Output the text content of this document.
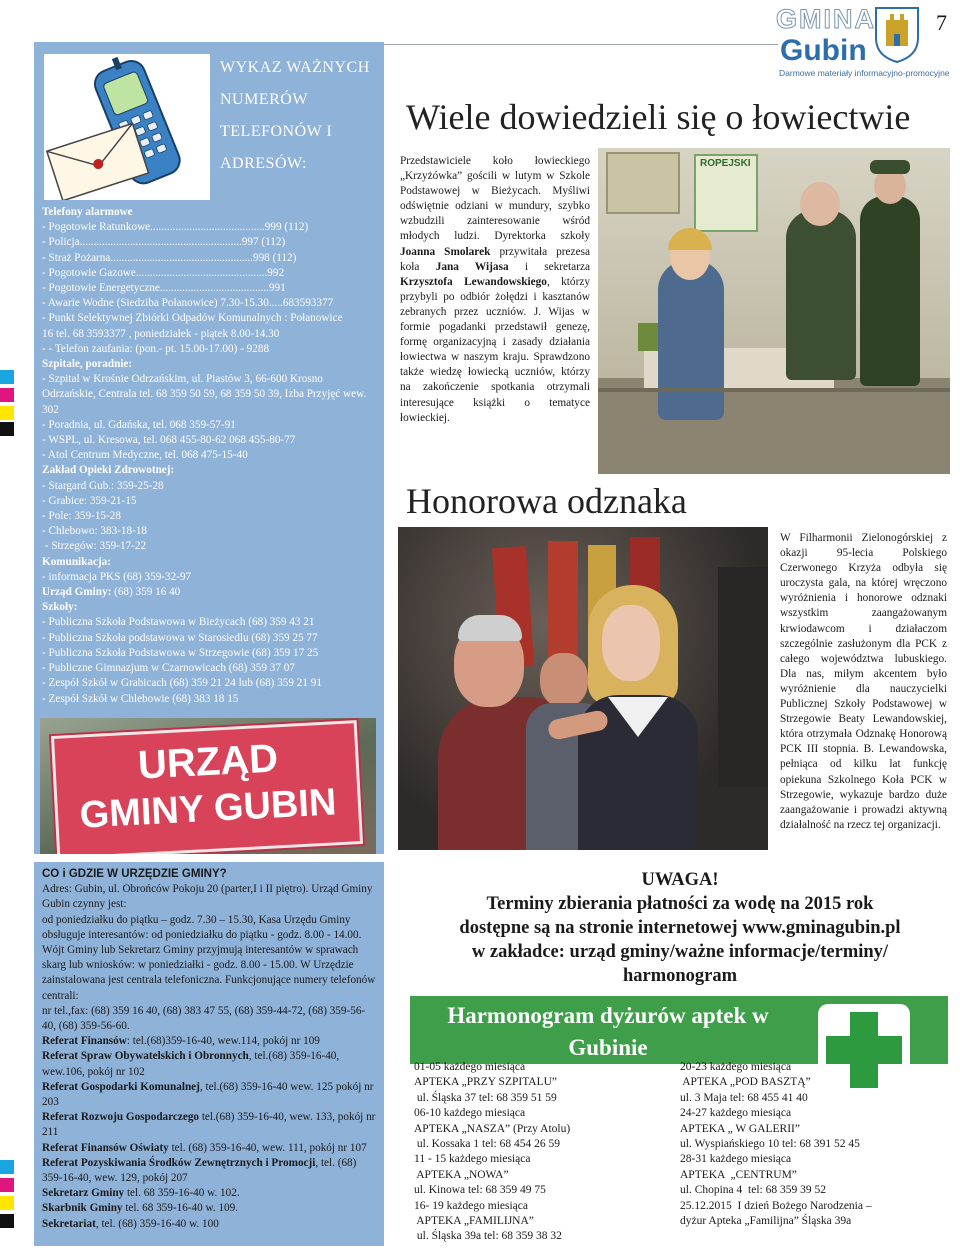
GMINA
Gubin
Darmowe materiały informacyjno-promocyjne
7
WYKAZ WAŻNYCH NUMERÓW TELEFONÓW I ADRESÓW:
Telefony alarmowe
- Pogotowie Ratunkowe.........................................999 (112)
- Policja..........................................................997 (112)
- Straż Pożarna...................................................998 (112)
- Pogotowie Gazowe...............................................992
- Pogotowie Energetyczne.......................................991
- Awarie Wodne (Siedziba Połanowice) 7.30-15.30.....683593377
- Punkt Selektywnej Zbiórki Odpadów Komunalnych : Połanowice
16 tel. 68 3593377 , poniedziałek - piątek 8.00-14.30
- - Telefon zaufania: (pon.- pt. 15.00-17.00) - 9288
Szpitale, poradnie:
- Szpital w Krośnie Odrzańskim, ul. Piastów 3, 66-600 Krosno Odrzańskie, Centrala tel. 68 359 50 59, 68 359 50 39, Izba Przyjęć wew. 302
- Poradnia, ul. Gdańska, tel. 068 359-57-91
- WSPL, ul. Kresowa, tel. 068 455-80-62 068 455-80-77
- Atol Centrum Medyczne, tel. 068 475-15-40
Zakład Opieki Zdrowotnej:
- Stargard Gub.: 359-25-28
- Grabice: 359-21-15
- Pole: 359-15-28
- Chlebowo: 383-18-18
- Strzegów: 359-17-22
Komunikacja:
- informacja PKS (68) 359-32-97
Urząd Gminy: (68) 359 16 40
Szkoły:
- Publiczna Szkoła Podstawowa w Bieżycach (68) 359 43 21
- Publiczna Szkoła podstawowa w Starosiedlu (68) 359 25 77
- Publiczna Szkoła Podstawowa w Strzegowie (68) 359 17 25
- Publiczne Gimnazjum w Czarnowicach (68) 359 37 07
- Zespół Szkół w Grabicach (68) 359 21 24 lub (68) 359 21 91
- Zespół Szkół w Chlebowie (68) 383 18 15
URZĄD
GMINY GUBIN
CO i GDZIE W URZĘDZIE GMINY?
Adres: Gubin, ul. Obrońców Pokoju 20 (parter,I i II piętro). Urząd Gminy Gubin czynny jest:
od poniedziałku do piątku – godz. 7.30 – 15.30, Kasa Urzędu Gminy obsługuje interesantów: od poniedziałku do piątku - godz. 8.00 - 14.00. Wójt Gminy lub Sekretarz Gminy przyjmują interesantów w sprawach skarg lub wniosków: w poniedziałki - godz. 8.00 - 15.00. W Urzędzie zainstalowana jest centrala telefoniczna. Funkcjonujące numery telefonów centrali:
nr tel.,fax: (68) 359 16 40, (68) 383 47 55, (68) 359-44-72, (68) 359-56-40, (68) 359-56-60.
Referat Finansów: tel.(68)359-16-40, wew.114, pokój nr 109
Referat Spraw Obywatelskich i Obronnych, tel.(68) 359-16-40, wew.106, pokój nr 102
Referat Gospodarki Komunalnej, tel.(68) 359-16-40 wew. 125 pokój nr 203
Referat Rozwoju Gospodarczego tel.(68) 359-16-40, wew. 133, pokój nr 211
Referat Finansów Oświaty tel. (68) 359-16-40, wew. 111, pokój nr 107
Referat Pozyskiwania Środków Zewnętrznych i Promocji, tel. (68) 359-16-40, wew. 129, pokój 207
Sekretarz Gminy tel. 68 359-16-40 w. 102.
Skarbnik Gminy tel. 68 359-16-40 w. 109.
Sekretariat, tel. (68) 359-16-40 w. 100
Wiele dowiedzieli się o łowiectwie
Przedstawiciele koło łowieckiego „Krzyżówka” gościli w lutym w Szkole Podstawowej w Bieżycach. Myśliwi odświętnie odziani w mundury, szybko wzbudzili zainteresowanie wśród młodych ludzi. Dyrektorka szkoły Joanna Smolarek przywitała prezesa koła Jana Wijasa i sekretarza Krzysztofa Lewandowskiego, którzy przybyli po odbiór żołędzi i kasztanów zebranych przez uczniów. J. Wijas w formie pogadanki przedstawił genezę, formę organizacyjną i zasady działania łowiectwa w naszym kraju. Sprawdzono także wiedzę łowiecką uczniów, którzy na zakończenie spotkania otrzymali interesujące książki o tematyce łowieckiej.
ROPEJSKI
Honorowa odznaka
W Filharmonii Zielonogórskiej z okazji 95-lecia Polskiego Czerwonego Krzyża odbyła się uroczysta gala, na której wręczono wyróżnienia i honorowe odznaki wszystkim zaangażowanym krwiodawcom i działaczom szczególnie zasłużonym dla PCK z całego województwa lubuskiego. Dla nas, miłym akcentem było wyróżnienie dla nauczycielki Publicznej Szkoły Podstawowej w Strzegowie Beaty Lewandowskiej, która otrzymała Odznakę Honorową PCK III stopnia. B. Lewandowska, pełniąca od kilku lat funkcję opiekuna Szkolnego Koła PCK w Strzegowie, wykazuje bardzo duże zaangażowanie i prowadzi aktywną działalność na rzecz tej organizacji.
UWAGA!
Terminy zbierania płatności za wodę na 2015 rok
dostępne są na stronie internetowej www.gminagubin.pl
w zakładce: urząd gminy/ważne informacje/terminy/
harmonogram
Harmonogram dyżurów aptek w Gubinie
01-05 każdego miesiąca
APTEKA „PRZY SZPITALU”
ul. Śląska 37 tel: 68 359 51 59
06-10 każdego miesiąca
APTEKA „NASZA” (Przy Atolu)
ul. Kossaka 1 tel: 68 454 26 59
11 - 15 każdego miesiąca
APTEKA „NOWA”
ul. Kinowa tel: 68 359 49 75
16- 19 każdego miesiąca
APTEKA „FAMILIJNA”
ul. Śląska 39a tel: 68 359 38 32
20-23 każdego miesiąca
APTEKA „POD BASZTĄ”
ul. 3 Maja tel: 68 455 41 40
24-27 każdego miesiąca
APTEKA „ W GALERII”
ul. Wyspiańskiego 10 tel: 68 391 52 45
28-31 każdego miesiąca
APTEKA  „CENTRUM”
ul. Chopina 4  tel: 68 359 39 52
25.12.2015  I dzień Bożego Narodzenia –
dyżur Apteka „Familijna” Śląska 39a
